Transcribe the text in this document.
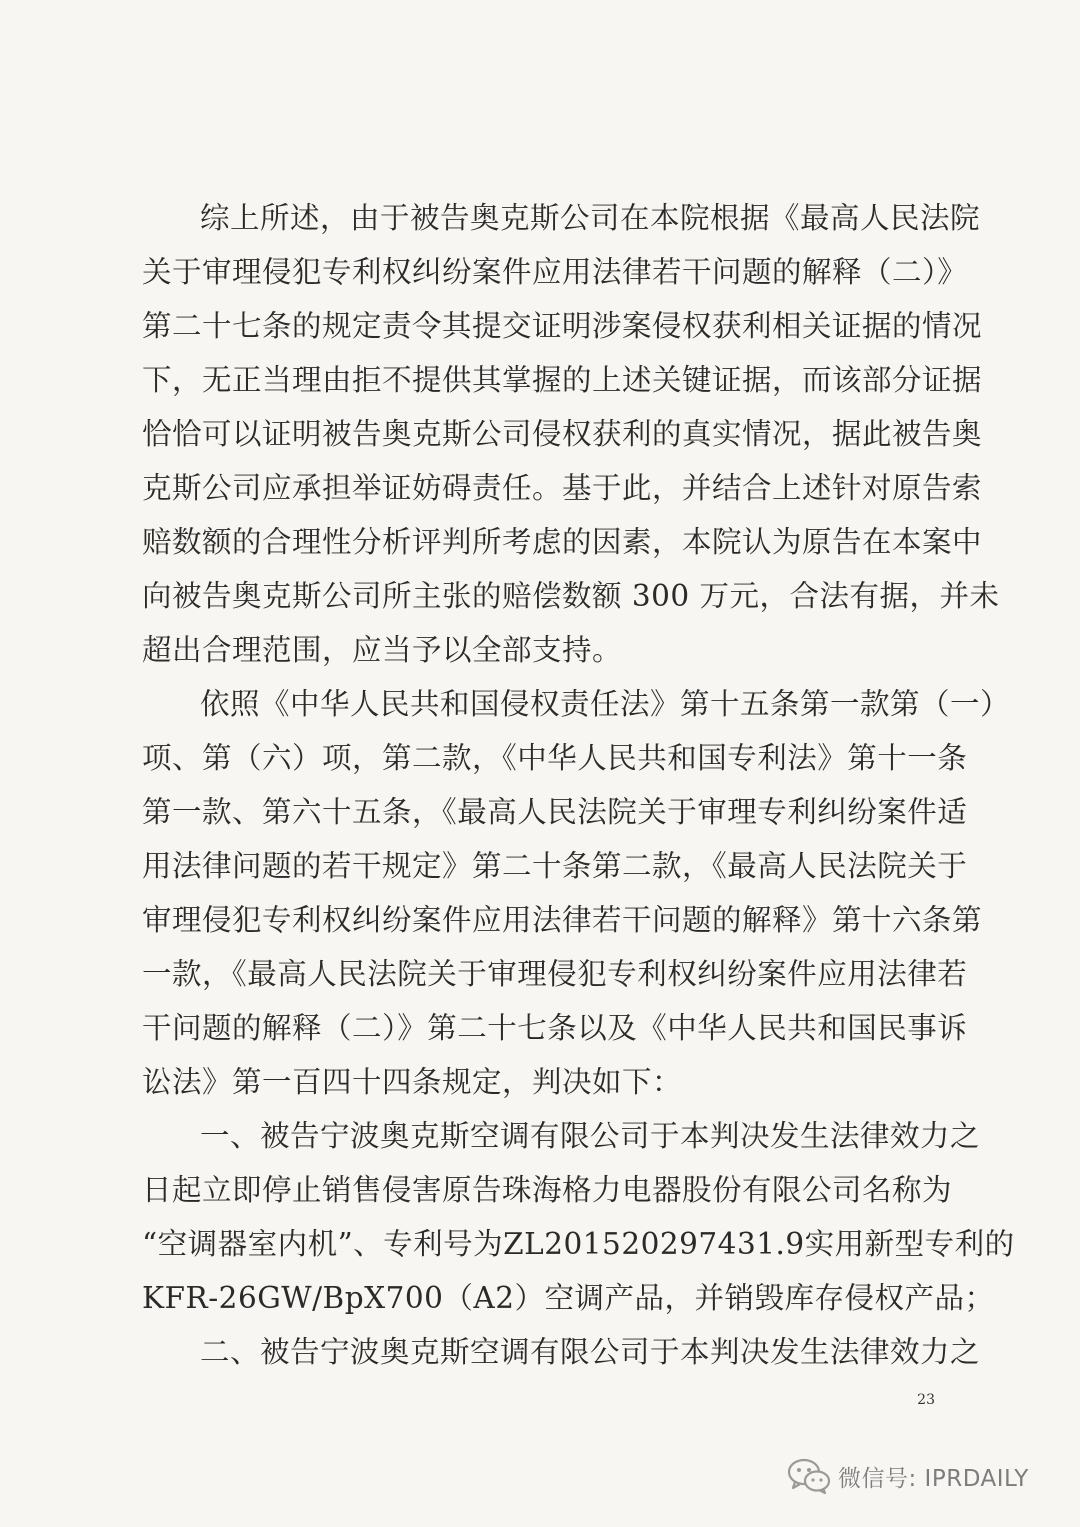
综上所述，由于被告奥克斯公司在本院根据《最高人民法院
关于审理侵犯专利权纠纷案件应用法律若干问题的解释（二）》
第二十七条的规定责令其提交证明涉案侵权获利相关证据的情况
下，无正当理由拒不提供其掌握的上述关键证据，而该部分证据
恰恰可以证明被告奥克斯公司侵权获利的真实情况，据此被告奥
克斯公司应承担举证妨碍责任。基于此，并结合上述针对原告索
赔数额的合理性分析评判所考虑的因素，本院认为原告在本案中
向被告奥克斯公司所主张的赔偿数额 300 万元，合法有据，并未
超出合理范围，应当予以全部支持。
依照《中华人民共和国侵权责任法》第十五条第一款第（一）
项、第（六）项，第二款，《中华人民共和国专利法》第十一条
第一款、第六十五条，《最高人民法院关于审理专利纠纷案件适
用法律问题的若干规定》第二十条第二款，《最高人民法院关于
审理侵犯专利权纠纷案件应用法律若干问题的解释》第十六条第
一款，《最高人民法院关于审理侵犯专利权纠纷案件应用法律若
干问题的解释（二）》第二十七条以及《中华人民共和国民事诉
讼法》第一百四十四条规定，判决如下：
一、被告宁波奥克斯空调有限公司于本判决发生法律效力之
日起立即停止销售侵害原告珠海格力电器股份有限公司名称为
“空调器室内机”、专利号为ZL201520297431.9实用新型专利的
KFR-26GW/BpX700（A2）空调产品，并销毁库存侵权产品；
二、被告宁波奥克斯空调有限公司于本判决发生法律效力之
23
微信号: IPRDAILY
